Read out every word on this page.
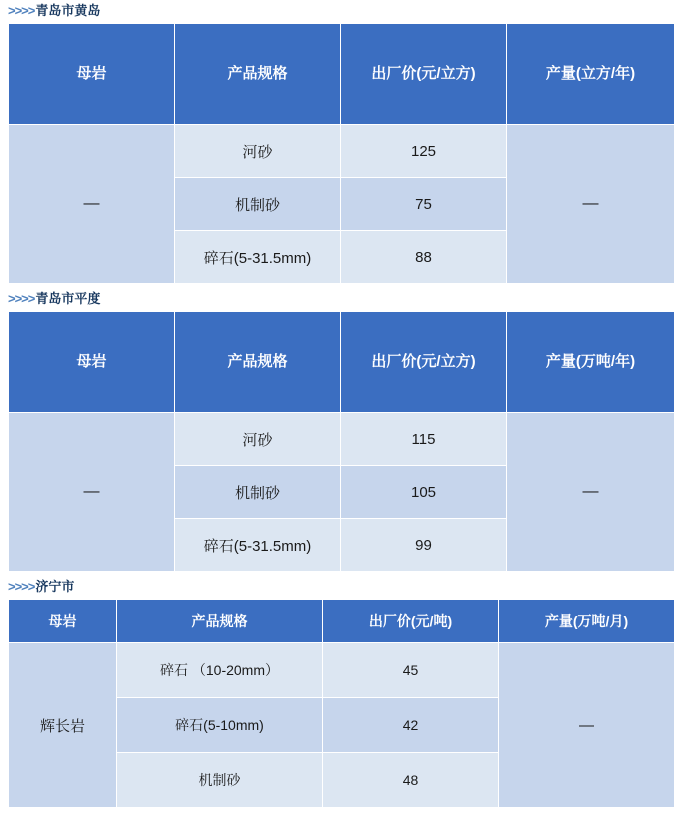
>>>>青岛市黄岛
母岩	产品规格	出厂价(元/立方)	产量(立方/年)
—	河砂	125	—
	机制砂	75	
	碎石(5-31.5mm)	88	
>>>>青岛市平度
母岩	产品规格	出厂价(元/立方)	产量(万吨/年)
—	河砂	115	—
	机制砂	105	
	碎石(5-31.5mm)	99	
>>>>济宁市
母岩	产品规格	出厂价(元/吨)	产量(万吨/月)
辉长岩	碎石 （10-20mm）	45	—
	碎石(5-10mm)	42	
	机制砂	48	
